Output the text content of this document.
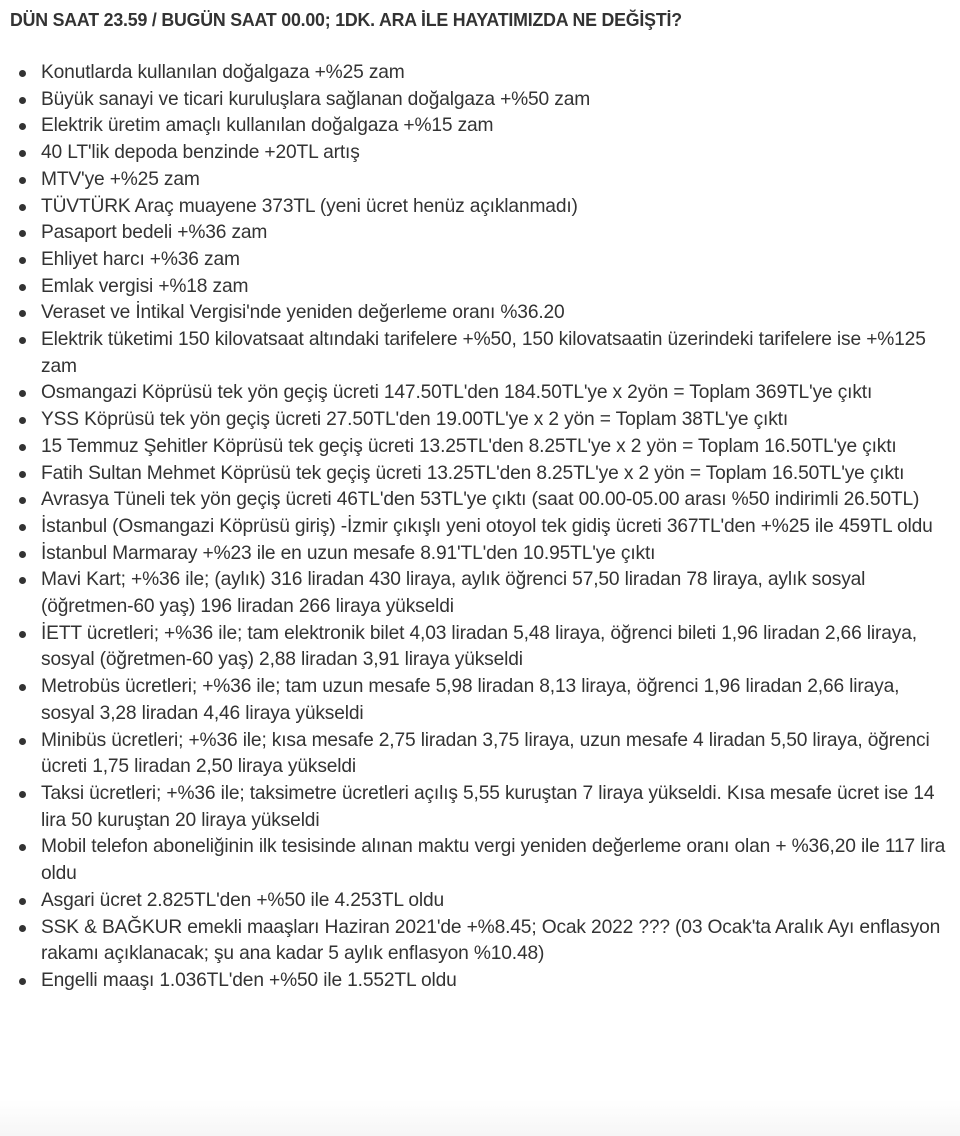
DÜN SAAT 23.59 / BUGÜN SAAT 00.00; 1DK. ARA İLE HAYATIMIZDA NE DEĞİŞTİ?
Konutlarda kullanılan doğalgaza +%25 zam
Büyük sanayi ve ticari kuruluşlara sağlanan doğalgaza +%50 zam
Elektrik üretim amaçlı kullanılan doğalgaza +%15 zam
40 LT'lik depoda benzinde +20TL artış
MTV'ye +%25 zam
TÜVTÜRK Araç muayene 373TL (yeni ücret henüz açıklanmadı)
Pasaport bedeli +%36 zam
Ehliyet harcı +%36 zam
Emlak vergisi +%18 zam
Veraset ve İntikal Vergisi'nde yeniden değerleme oranı %36.20
Elektrik tüketimi 150 kilovatsaat altındaki tarifelere +%50, 150 kilovatsaatin üzerindeki tarifelere ise +%125 zam
Osmangazi Köprüsü tek yön geçiş ücreti 147.50TL'den 184.50TL'ye x 2yön = Toplam 369TL'ye çıktı
YSS Köprüsü tek yön geçiş ücreti 27.50TL'den 19.00TL'ye x 2 yön = Toplam 38TL'ye çıktı
15 Temmuz Şehitler Köprüsü tek geçiş ücreti 13.25TL'den 8.25TL'ye x 2 yön = Toplam 16.50TL'ye çıktı
Fatih Sultan Mehmet Köprüsü tek geçiş ücreti 13.25TL'den 8.25TL'ye x 2 yön = Toplam 16.50TL'ye çıktı
Avrasya Tüneli tek yön geçiş ücreti 46TL'den 53TL'ye çıktı (saat 00.00-05.00 arası %50 indirimli 26.50TL)
İstanbul (Osmangazi Köprüsü giriş) -İzmir çıkışlı yeni otoyol tek gidiş ücreti 367TL'den +%25 ile 459TL oldu
İstanbul Marmaray +%23 ile en uzun mesafe 8.91'TL'den 10.95TL'ye çıktı
Mavi Kart; +%36 ile; (aylık) 316 liradan 430 liraya, aylık öğrenci 57,50 liradan 78 liraya, aylık sosyal (öğretmen-60 yaş) 196 liradan 266 liraya yükseldi
İETT ücretleri; +%36 ile; tam elektronik bilet 4,03 liradan 5,48 liraya, öğrenci bileti 1,96 liradan 2,66 liraya, sosyal (öğretmen-60 yaş) 2,88 liradan 3,91 liraya yükseldi
Metrobüs ücretleri; +%36 ile; tam uzun mesafe 5,98 liradan 8,13 liraya, öğrenci 1,96 liradan 2,66 liraya, sosyal 3,28 liradan 4,46 liraya yükseldi
Minibüs ücretleri; +%36 ile; kısa mesafe 2,75 liradan 3,75 liraya, uzun mesafe 4 liradan 5,50 liraya, öğrenci ücreti 1,75 liradan 2,50 liraya yükseldi
Taksi ücretleri; +%36 ile; taksimetre ücretleri açılış 5,55 kuruştan 7 liraya yükseldi. Kısa mesafe ücret ise 14 lira 50 kuruştan 20 liraya yükseldi
Mobil telefon aboneliğinin ilk tesisinde alınan maktu vergi yeniden değerleme oranı olan + %36,20 ile 117 lira oldu
Asgari ücret 2.825TL'den +%50 ile 4.253TL oldu
SSK & BAĞKUR emekli maaşları Haziran 2021'de +%8.45; Ocak 2022 ??? (03 Ocak'ta Aralık Ayı enflasyon rakamı açıklanacak; şu ana kadar 5 aylık enflasyon %10.48)
Engelli maaşı 1.036TL'den +%50 ile 1.552TL oldu
